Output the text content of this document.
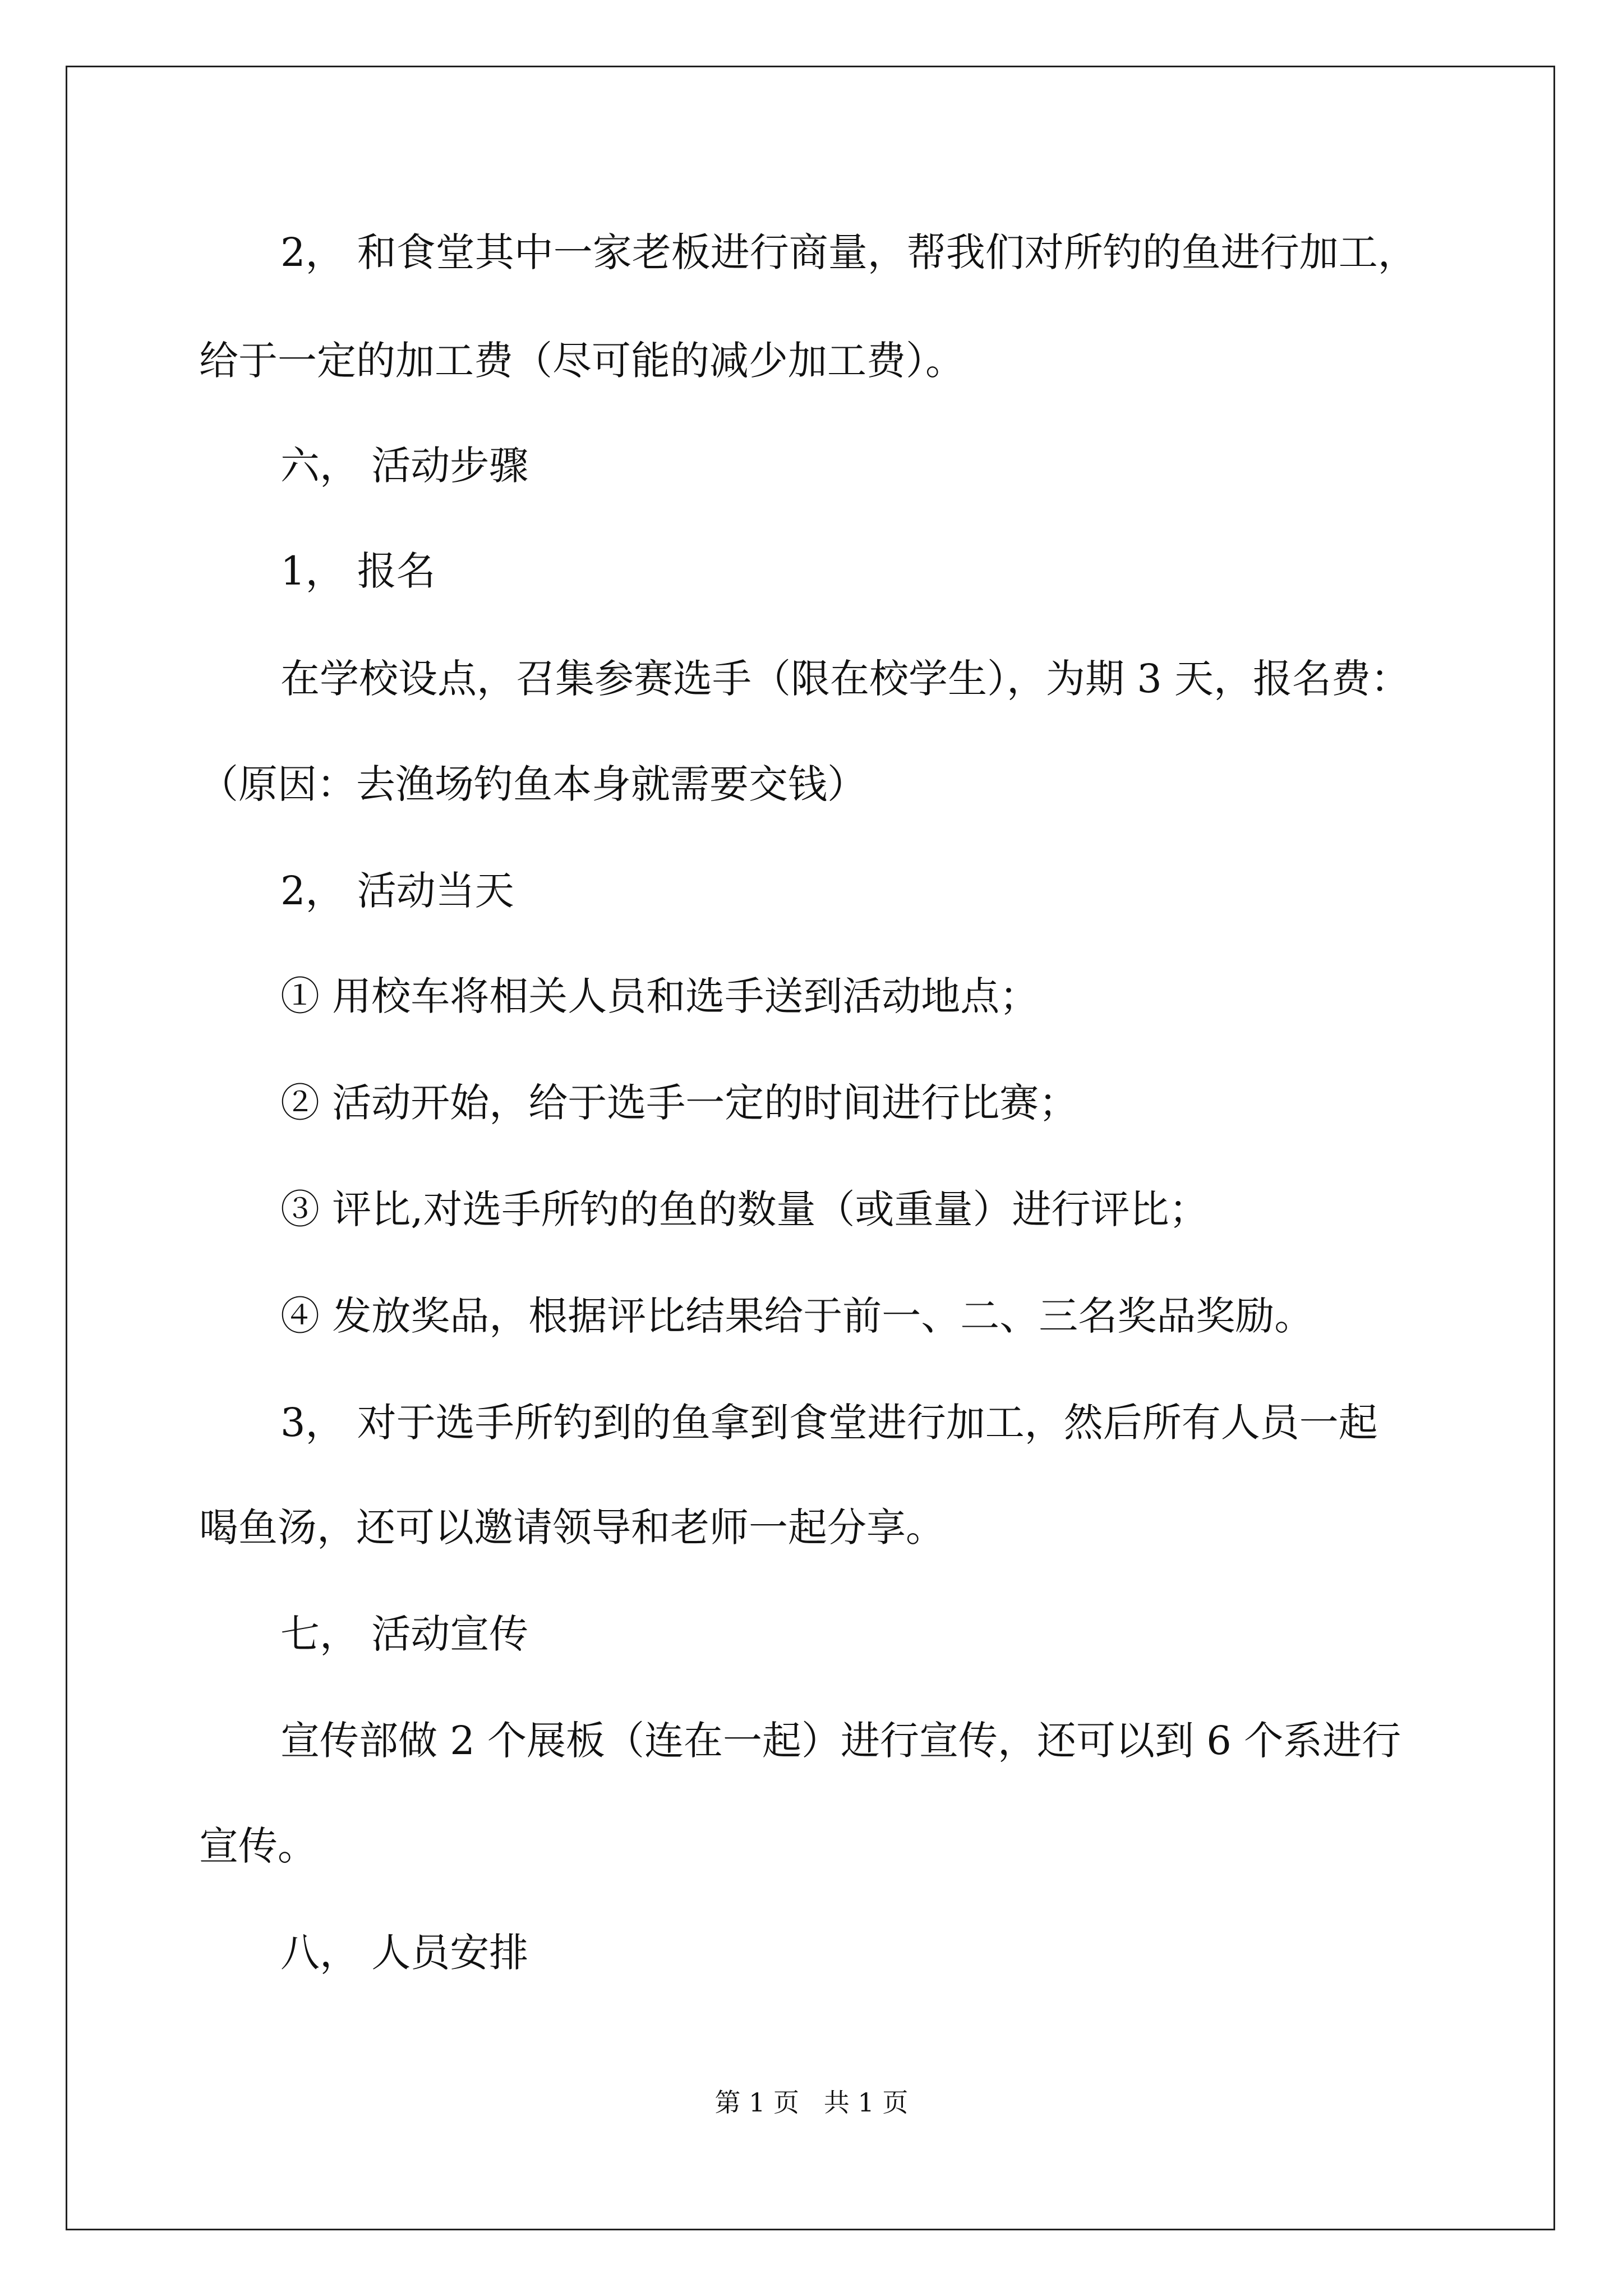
2， 和食堂其中一家老板进行商量，帮我们对所钓的鱼进行加工，

给于一定的加工费（尽可能的减少加工费）。

六， 活动步骤

1， 报名

在学校设点，召集参赛选手（限在校学生），为期 3 天，报名费：

（原因：去渔场钓鱼本身就需要交钱）

2， 活动当天

① 用校车将相关人员和选手送到活动地点；

② 活动开始，给于选手一定的时间进行比赛；

③ 评比,对选手所钓的鱼的数量（或重量）进行评比；

④ 发放奖品，根据评比结果给于前一、二、三名奖品奖励。

3， 对于选手所钓到的鱼拿到食堂进行加工，然后所有人员一起

喝鱼汤，还可以邀请领导和老师一起分享。

七， 活动宣传

宣传部做 2 个展板（连在一起）进行宣传，还可以到 6 个系进行

宣传。

八， 人员安排

第 1 页   共 1 页
